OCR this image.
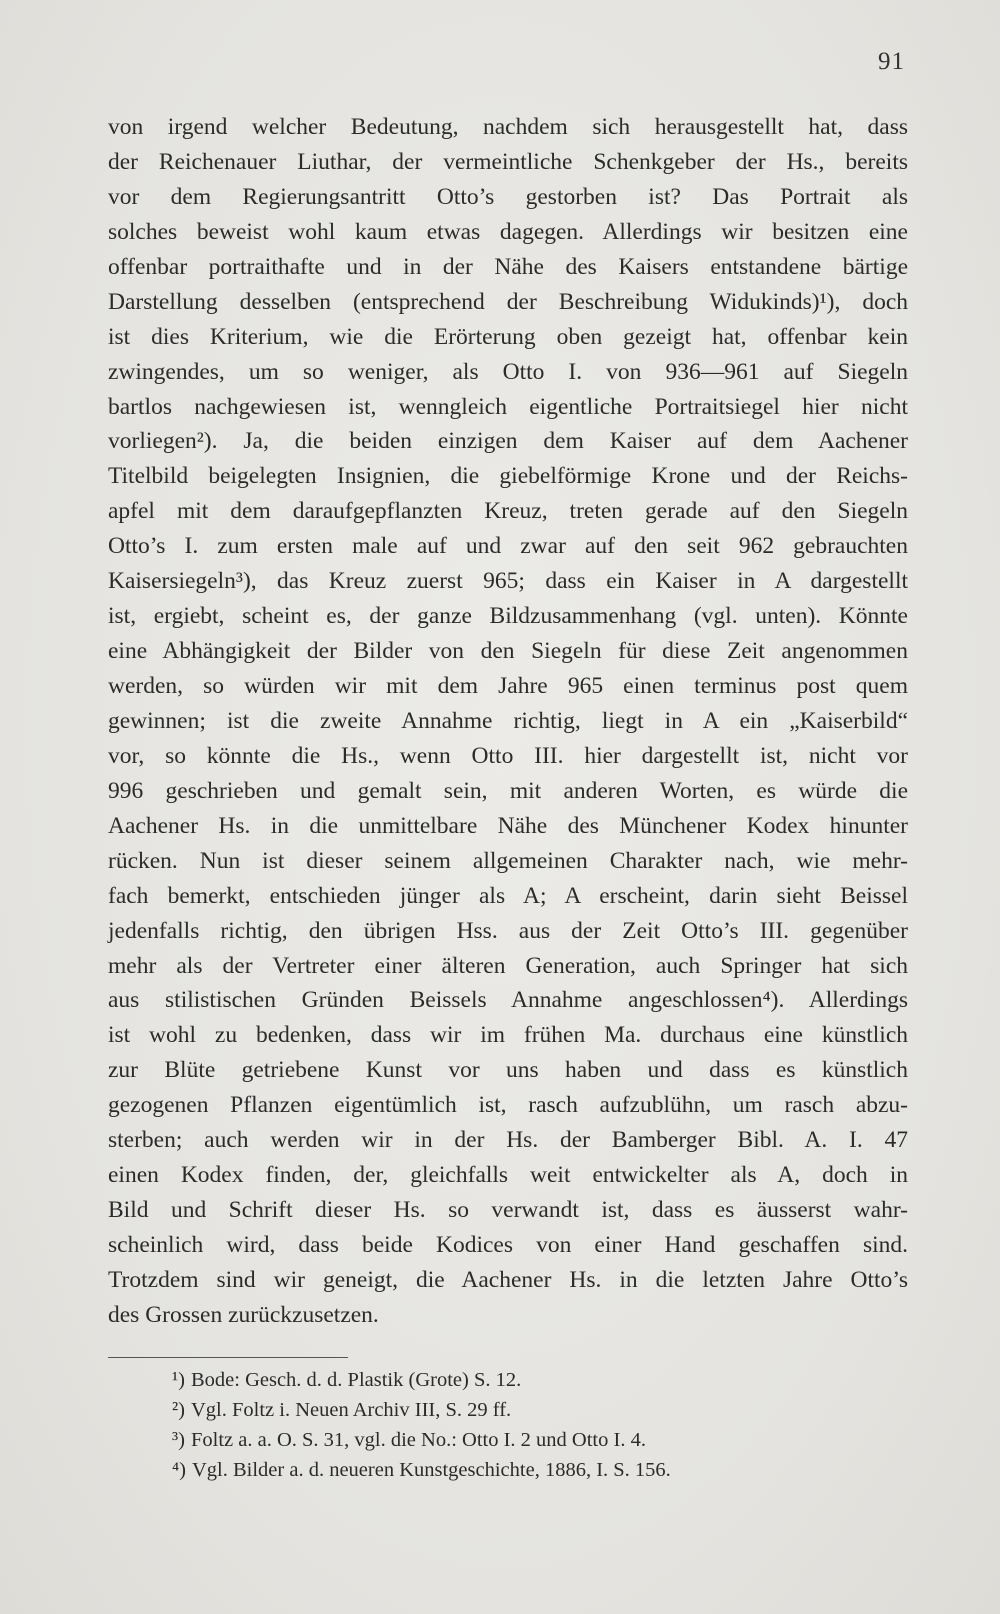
91
von irgend welcher Bedeutung, nachdem sich herausgestellt hat, dass
der Reichenauer Liuthar, der vermeintliche Schenkgeber der Hs., bereits
vor dem Regierungsantritt Otto’s gestorben ist? Das Portrait als
solches beweist wohl kaum etwas dagegen. Allerdings wir besitzen eine
offenbar portraithafte und in der Nähe des Kaisers entstandene bärtige
Darstellung desselben (entsprechend der Beschreibung Widukinds)¹), doch
ist dies Kriterium, wie die Erörterung oben gezeigt hat, offenbar kein
zwingendes, um so weniger, als Otto I. von 936—961 auf Siegeln
bartlos nachgewiesen ist, wenngleich eigentliche Portraitsiegel hier nicht
vorliegen²). Ja, die beiden einzigen dem Kaiser auf dem Aachener
Titelbild beigelegten Insignien, die giebelförmige Krone und der Reichs-
apfel mit dem daraufgepflanzten Kreuz, treten gerade auf den Siegeln
Otto’s I. zum ersten male auf und zwar auf den seit 962 gebrauchten
Kaisersiegeln³), das Kreuz zuerst 965; dass ein Kaiser in A dargestellt
ist, ergiebt, scheint es, der ganze Bildzusammenhang (vgl. unten). Könnte
eine Abhängigkeit der Bilder von den Siegeln für diese Zeit angenommen
werden, so würden wir mit dem Jahre 965 einen terminus post quem
gewinnen; ist die zweite Annahme richtig, liegt in A ein „Kaiserbild“
vor, so könnte die Hs., wenn Otto III. hier dargestellt ist, nicht vor
996 geschrieben und gemalt sein, mit anderen Worten, es würde die
Aachener Hs. in die unmittelbare Nähe des Münchener Kodex hinunter
rücken. Nun ist dieser seinem allgemeinen Charakter nach, wie mehr-
fach bemerkt, entschieden jünger als A; A erscheint, darin sieht Beissel
jedenfalls richtig, den übrigen Hss. aus der Zeit Otto’s III. gegenüber
mehr als der Vertreter einer älteren Generation, auch Springer hat sich
aus stilistischen Gründen Beissels Annahme angeschlossen⁴). Allerdings
ist wohl zu bedenken, dass wir im frühen Ma. durchaus eine künstlich
zur Blüte getriebene Kunst vor uns haben und dass es künstlich
gezogenen Pflanzen eigentümlich ist, rasch aufzublühn, um rasch abzu-
sterben; auch werden wir in der Hs. der Bamberger Bibl. A. I. 47
einen Kodex finden, der, gleichfalls weit entwickelter als A, doch in
Bild und Schrift dieser Hs. so verwandt ist, dass es äusserst wahr-
scheinlich wird, dass beide Kodices von einer Hand geschaffen sind.
Trotzdem sind wir geneigt, die Aachener Hs. in die letzten Jahre Otto’s
des Grossen zurückzusetzen.
¹) Bode: Gesch. d. d. Plastik (Grote) S. 12.
²) Vgl. Foltz i. Neuen Archiv III, S. 29 ff.
³) Foltz a. a. O. S. 31, vgl. die No.: Otto I. 2 und Otto I. 4.
⁴) Vgl. Bilder a. d. neueren Kunstgeschichte, 1886, I. S. 156.
